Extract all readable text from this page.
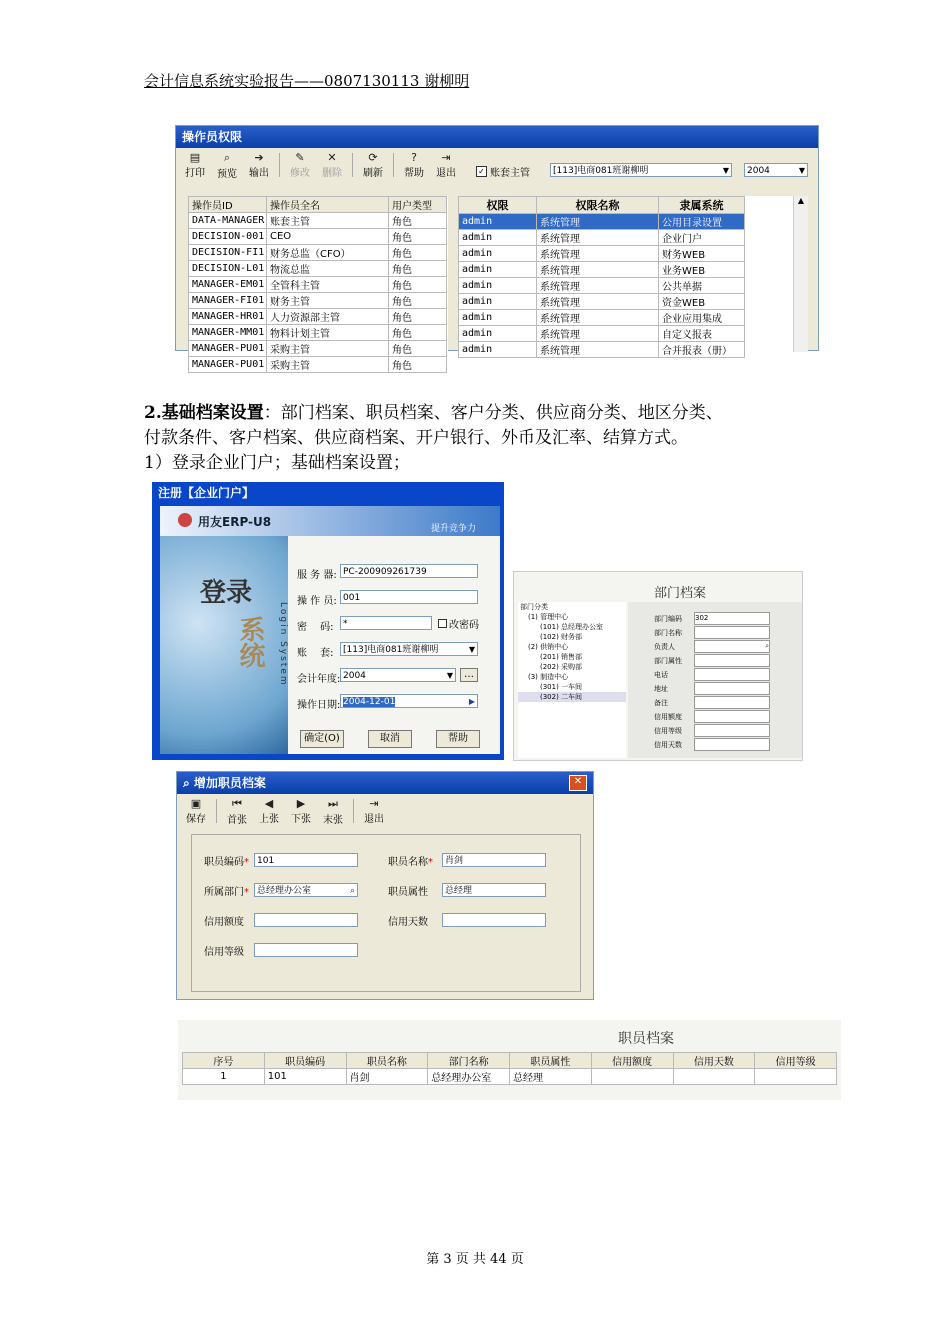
会计信息系统实验报告——0807130113 谢柳明
操作员权限
▤
打印
⌕
预览
➔
输出
✎
修改
✕
删除
⟳
刷新
?
帮助
⇥
退出	✓ 账套主管	[113]电商081班谢柳明	▼	2004	▼
操作员ID	操作员全名	用户类型
DATA-MANAGER	账套主管	角色
DECISION-001	CEO	角色
DECISION-FI1	财务总监（CFO）	角色
DECISION-L01	物流总监	角色
MANAGER-EM01	全管科主管	角色
MANAGER-FI01	财务主管	角色
MANAGER-HR01	人力资源部主管	角色
MANAGER-MM01	物料计划主管	角色
MANAGER-PU01	采购主管	角色
MANAGER-PU01	采购主管	角色
权限	权限名称	隶属系统
admin	系统管理	公用目录设置
admin	系统管理	企业门户
admin	系统管理	财务WEB
admin	系统管理	业务WEB
admin	系统管理	公共单据
admin	系统管理	资金WEB
admin	系统管理	企业应用集成
admin	系统管理	自定义报表
admin	系统管理	合并报表（册）
▲
2.基础档案设置：部门档案、职员档案、客户分类、供应商分类、地区分类、
付款条件、客户档案、供应商档案、开户银行、外币及汇率、结算方式。
1）登录企业门户；基础档案设置；
注册【企业门户】
用友ERP-U8	提升竞争力
登录
系统	Login System
服 务 器: PC-200909261739
操 作 员: 001
密　 码:	*	改密码
账　 套:	[113]电商081班谢柳明	▼
会计年度: 2004	▼	…
操作日期: 2004-12-01	▶
确定(O)	取消	帮助
部门档案
部门分类
(1) 管理中心
(101) 总经理办公室
(102) 财务部
(2) 供销中心
(201) 销售部
(202) 采购部
(3) 制造中心
(301) 一车间
(302) 二车间
部门编码 302
部门名称
负责人	⌕
部门属性
电话
地址
备注
信用额度
信用等级
信用天数
⌕ 增加职员档案	✕
▣
保存
⏮
首张
◀
上张
▶
下张
⏭
末张
⇥
退出
职员编码* 101	职员名称*	肖剑
所属部门* 总经理办公室	⌕	职员属性	总经理
信用额度	信用天数
信用等级
职员档案
序号	职员编码	职员名称	部门名称	职员属性	信用额度	信用天数	信用等级
1	101	肖剑	总经理办公室	总经理			
第 3 页 共 44 页
